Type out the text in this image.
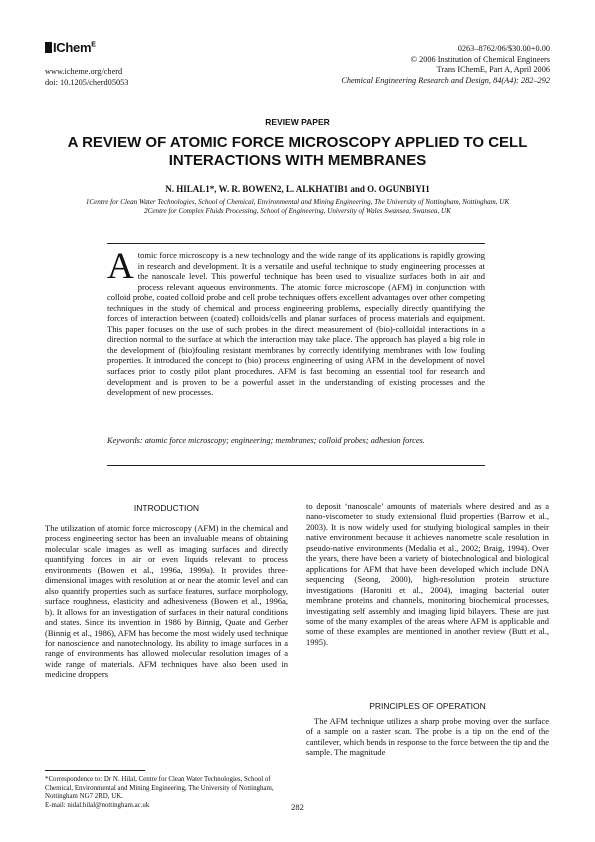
IChem$^E$
www.icheme.org/cherd
doi: 10.1205/cherd05053
0263–8762/06/$30.00+0.00
© 2006 Institution of Chemical Engineers
Trans IChemE, Part A, April 2006
Chemical Engineering Research and Design, 84(A4): 282–292
REVIEW PAPER
A REVIEW OF ATOMIC FORCE MICROSCOPY APPLIED TO CELL INTERACTIONS WITH MEMBRANES
N. HILAL1*, W. R. BOWEN2, L. ALKHATIB1 and O. OGUNBIYI1
1Centre for Clean Water Technologies, School of Chemical, Environmental and Mining Engineering, The University of Nottingham, Nottingham, UK
2Centre for Complex Fluids Processing, School of Engineering, University of Wales Swansea, Swansea, UK
Atomic force microscopy is a new technology and the wide range of its applications is rapidly growing in research and development. It is a versatile and useful technique to study engineering processes at the nanoscale level. This powerful technique has been used to visualize surfaces both in air and process relevant aqueous environments. The atomic force microscope (AFM) in conjunction with colloid probe, coated colloid probe and cell probe techniques offers excellent advantages over other competing techniques in the study of chemical and process engineering problems, especially directly quantifying the forces of interaction between (coated) colloids/cells and planar surfaces of process materials and equipment. This paper focuses on the use of such probes in the direct measurement of (bio)-colloidal interactions in a direction normal to the surface at which the interaction may take place. The approach has played a big role in the development of (bio)fouling resistant membranes by correctly identifying membranes with low fouling properties. It introduced the concept to (bio) process engineering of using AFM in the development of novel surfaces prior to costly pilot plant procedures. AFM is fast becoming an essential tool for research and development and is proven to be a powerful asset in the understanding of existing processes and the development of new processes.
Keywords: atomic force microscopy; engineering; membranes; colloid probes; adhesion forces.
INTRODUCTION
The utilization of atomic force microscopy (AFM) in the chemical and process engineering sector has been an invaluable means of obtaining molecular scale images as well as imaging surfaces and directly quantifying forces in air or even liquids relevant to process environments (Bowen et al., 1996a, 1999a). It provides three-dimensional images with resolution at or near the atomic level and can also quantify properties such as surface features, surface morphology, surface roughness, elasticity and adhesiveness (Bowen et al., 1996a, b). It allows for an investigation of surfaces in their natural conditions and states. Since its invention in 1986 by Binnig, Quate and Gerber (Binnig et al., 1986), AFM has become the most widely used technique for nanoscience and nanotechnology. Its ability to image surfaces in a range of environments has allowed molecular resolution images of a wide range of materials. AFM techniques have also been used in medicine droppers
to deposit ‘nanoscale’ amounts of materials where desired and as a nano-viscometer to study extensional fluid properties (Barrow et al., 2003). It is now widely used for studying biological samples in their native environment because it achieves nanometre scale resolution in pseudo-native environments (Medalia et al., 2002; Braig, 1994). Over the years, there have been a variety of biotechnological and biological applications for AFM that have been developed which include DNA sequencing (Seong, 2000), high-resolution protein structure investigations (Haroniti et al., 2004), imaging bacterial outer membrane proteins and channels, monitoring biochemical processes, investigating self assembly and imaging lipid bilayers. These are just some of the many examples of the areas where AFM is applicable and some of these examples are mentioned in another review (Butt et al., 1995).
PRINCIPLES OF OPERATION
The AFM technique utilizes a sharp probe moving over the surface of a sample on a raster scan. The probe is a tip on the end of the cantilever, which bends in response to the force between the tip and the sample. The magnitude
*Correspondence to: Dr N. Hilal, Centre for Clean Water Technologies, School of Chemical, Environmental and Mining Engineering, The University of Nottingham, Nottingham NG7 2RD, UK.
E-mail: nidal.hilal@nottingham.ac.uk	282
